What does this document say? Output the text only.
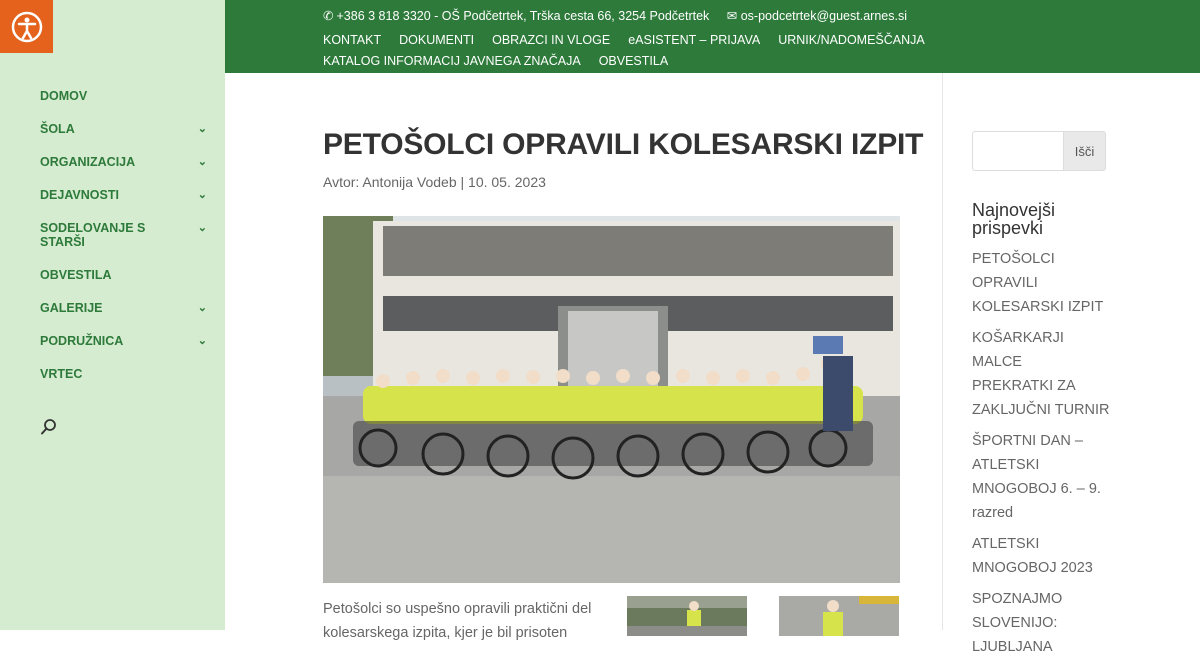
DOMOV
ŠOLA	⌄
ORGANIZACIJA	⌄
DEJAVNOSTI	⌄
SODELOVANJE S
STARŠI
⌄
OBVESTILA
GALERIJE	⌄
PODRUŽNICA	⌄
VRTEC
✆ +386 3 818 3320 - OŠ Podčetrtek, Trška cesta 66, 3254 Podčetrtek ✉ os-podcetrtek@guest.arnes.si
KONTAKT DOKUMENTI OBRAZCI IN VLOGE eASISTENT – PRIJAVA URNIK/NADOMEŠČANJA
KATALOG INFORMACIJ JAVNEGA ZNAČAJA OBVESTILA
PETOŠOLCI OPRAVILI KOLESARSKI IZPIT
Avtor: Antonija Vodeb | 10. 05. 2023
Petošolci so uspešno opravili praktični del
kolesarskega izpita, kjer je bil prisoten
Išči
Najnovejši
prispevki
PETOŠOLCI
OPRAVILI
KOLESARSKI IZPIT
KOŠARKARJI MALCE
PREKRATKI ZA
ZAKLJUČNI TURNIR
ŠPORTNI DAN –
ATLETSKI
MNOGOBOJ 6. – 9.
razred
ATLETSKI
MNOGOBOJ 2023
SPOZNAJMO
SLOVENIJO:
LJUBLJANA
